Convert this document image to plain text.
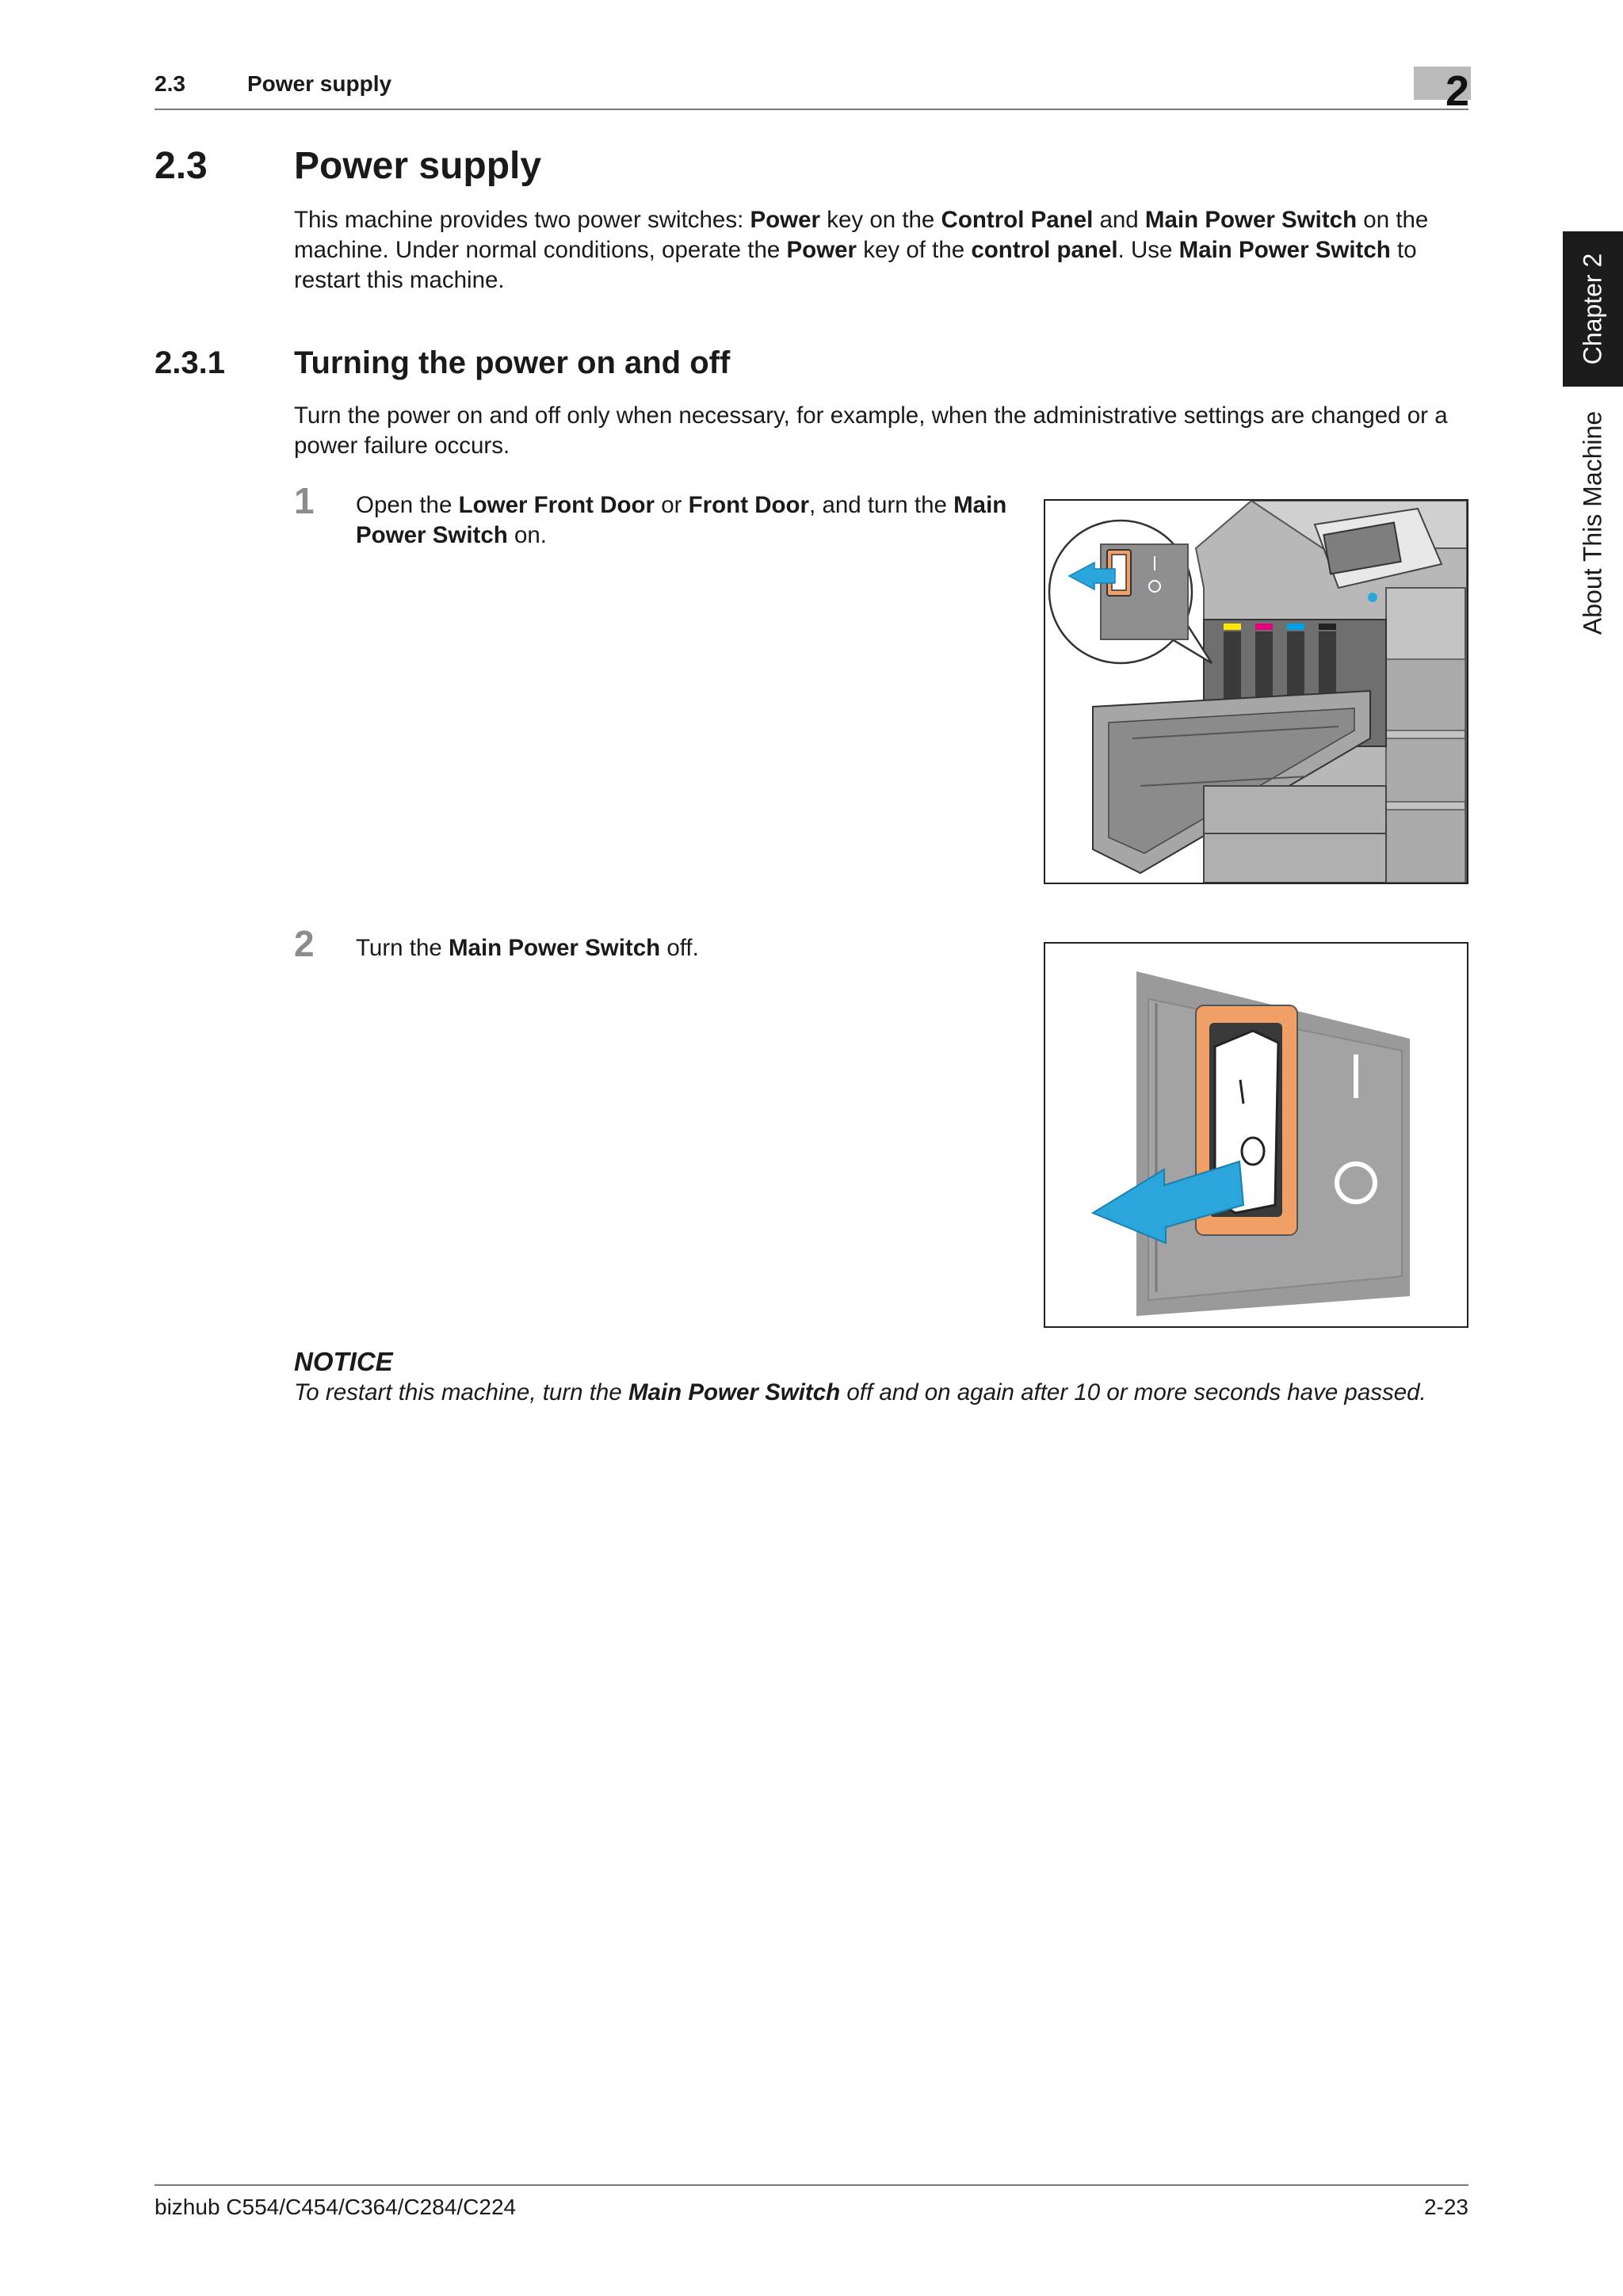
2.3	Power supply	2
Chapter 2
About This Machine
2.3 Power supply
This machine provides two power switches: Power key on the Control Panel and Main Power Switch on the machine. Under normal conditions, operate the Power key of the control panel. Use Main Power Switch to restart this machine.
2.3.1 Turning the power on and off
Turn the power on and off only when necessary, for example, when the administrative settings are changed or a power failure occurs.
1 Open the Lower Front Door or Front Door, and turn the Main Power Switch on.
2 Turn the Main Power Switch off.
NOTICE
To restart this machine, turn the Main Power Switch off and on again after 10 or more seconds have passed.
bizhub C554/C454/C364/C284/C224	2-23
